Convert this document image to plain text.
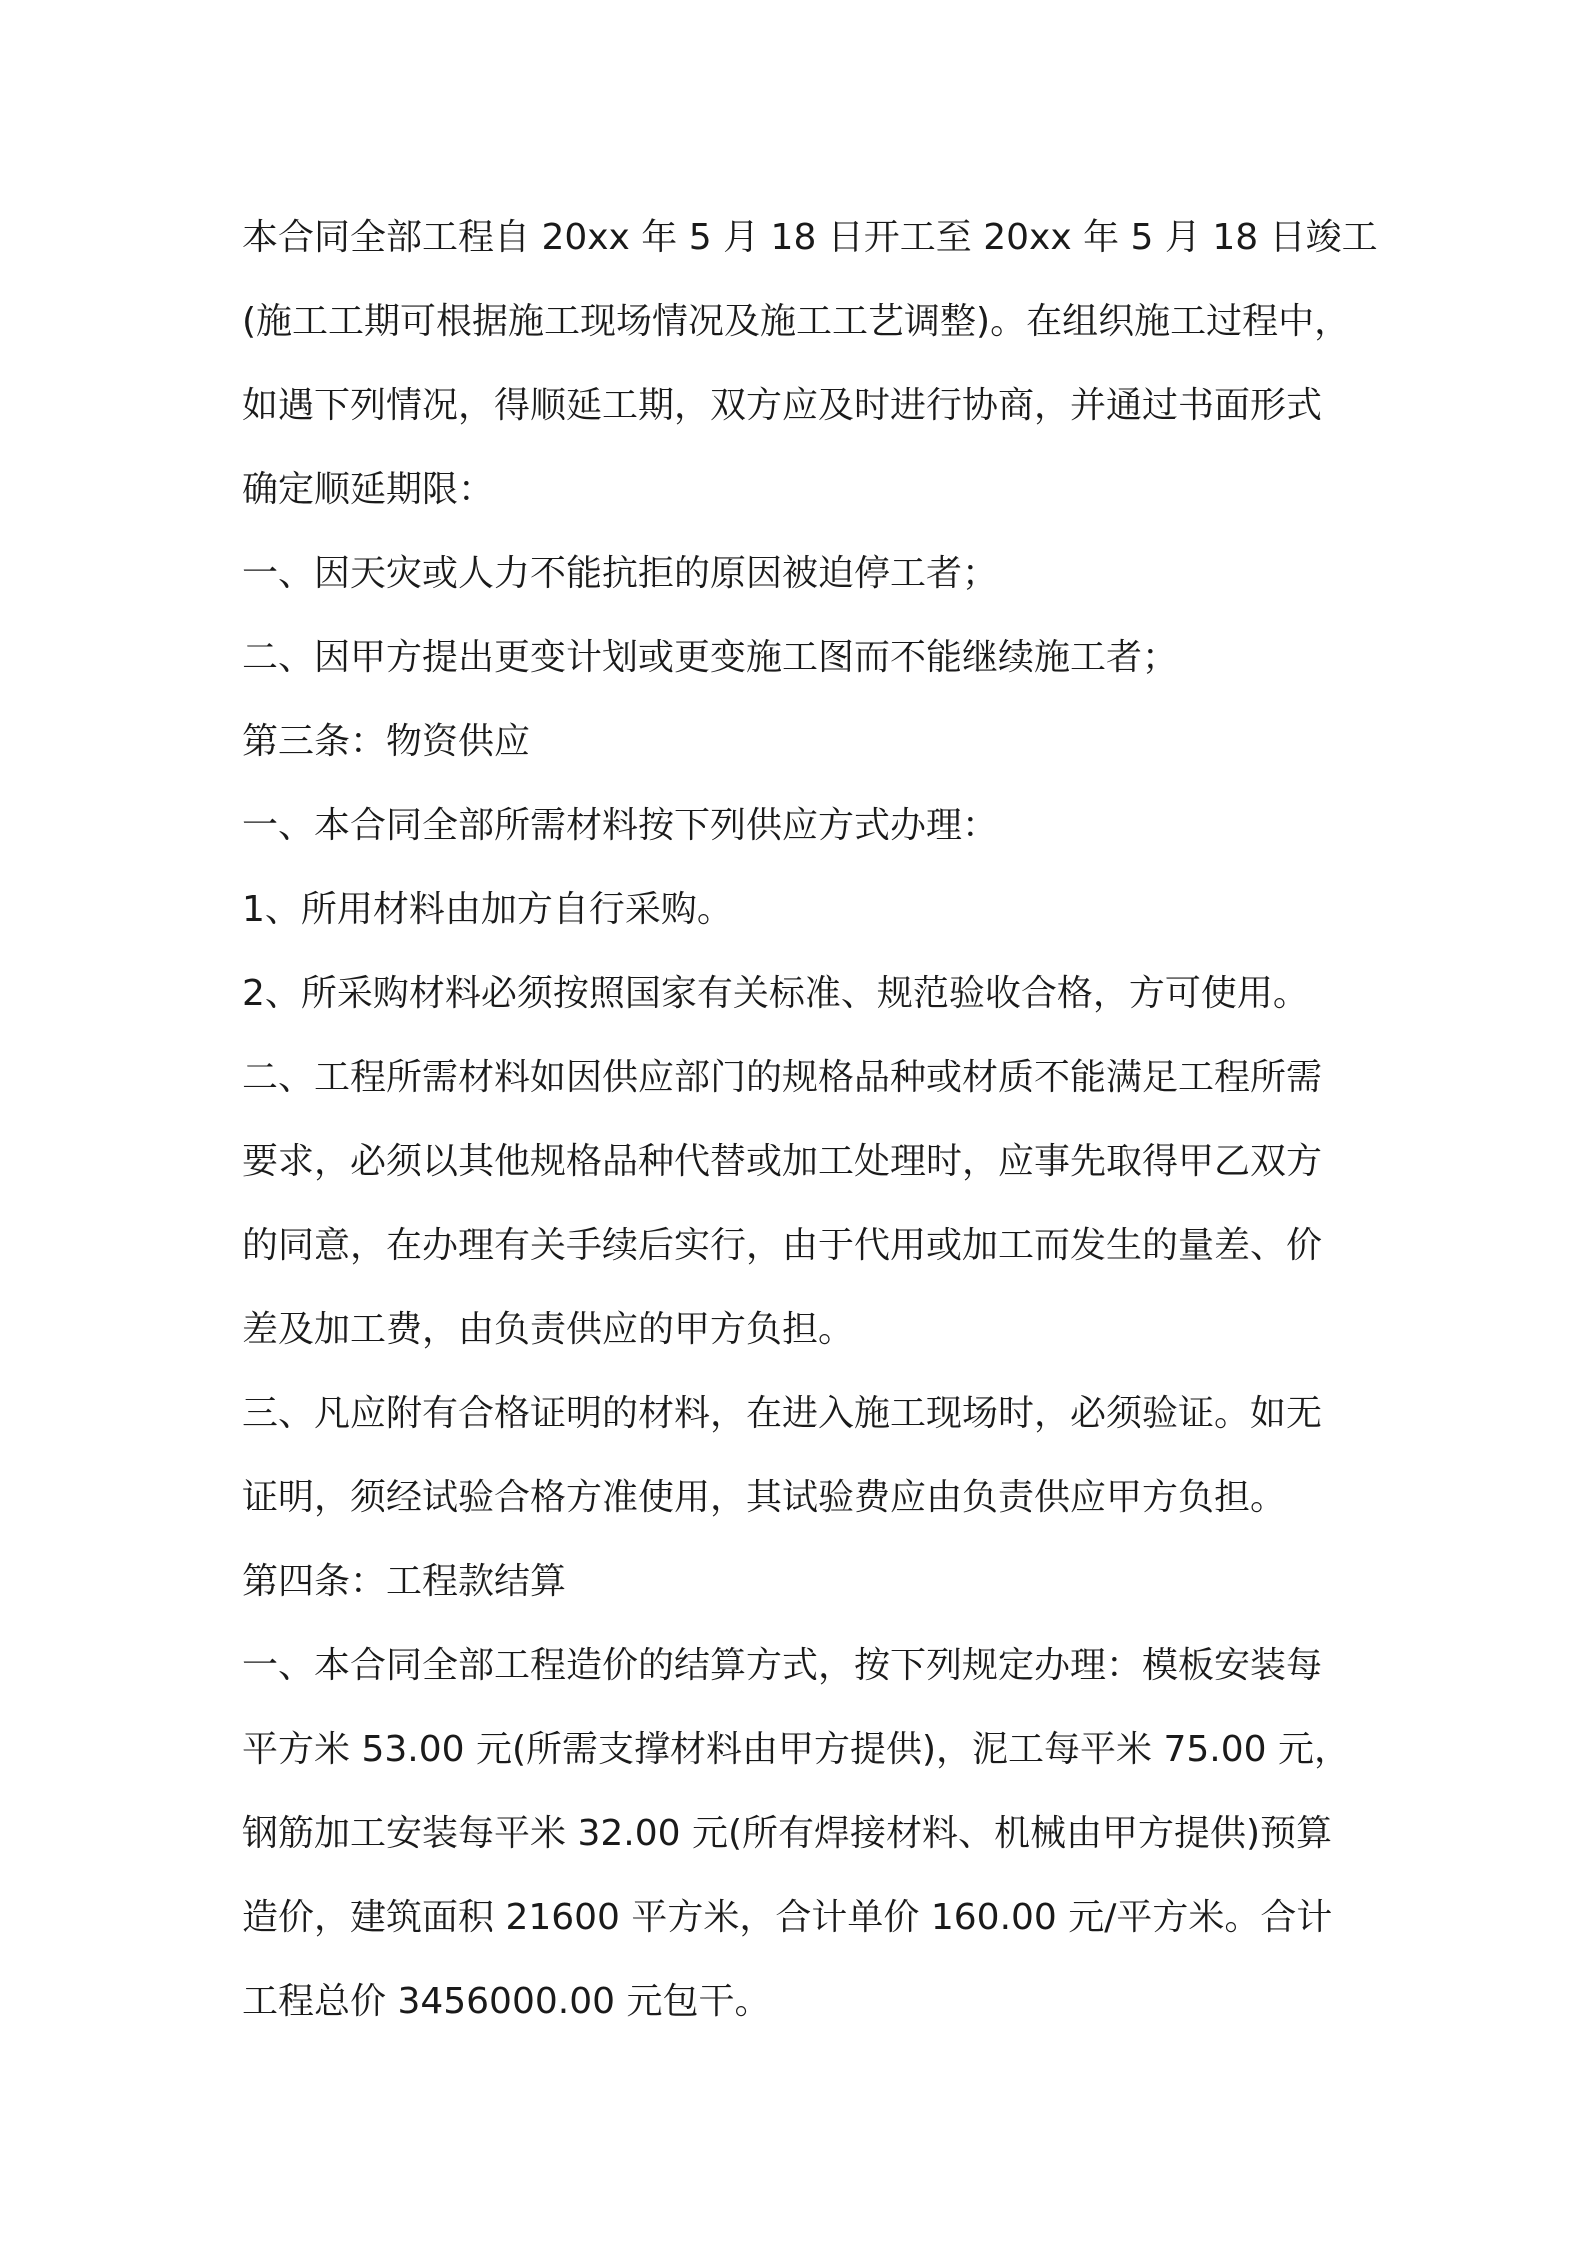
本合同全部工程自 20xx 年 5 月 18 日开工至 20xx 年 5 月 18 日竣工
(施工工期可根据施工现场情况及施工工艺调整)。在组织施工过程中，
如遇下列情况，得顺延工期，双方应及时进行协商，并通过书面形式
确定顺延期限：
一、因天灾或人力不能抗拒的原因被迫停工者；
二、因甲方提出更变计划或更变施工图而不能继续施工者；
第三条：物资供应
一、本合同全部所需材料按下列供应方式办理：
1、所用材料由加方自行采购。
2、所采购材料必须按照国家有关标准、规范验收合格，方可使用。
二、工程所需材料如因供应部门的规格品种或材质不能满足工程所需
要求，必须以其他规格品种代替或加工处理时，应事先取得甲乙双方
的同意，在办理有关手续后实行，由于代用或加工而发生的量差、价
差及加工费，由负责供应的甲方负担。
三、凡应附有合格证明的材料，在进入施工现场时，必须验证。如无
证明，须经试验合格方准使用，其试验费应由负责供应甲方负担。
第四条：工程款结算
一、本合同全部工程造价的结算方式，按下列规定办理：模板安装每
平方米 53.00 元(所需支撑材料由甲方提供)，泥工每平米 75.00 元，
钢筋加工安装每平米 32.00 元(所有焊接材料、机械由甲方提供)预算
造价，建筑面积 21600 平方米，合计单价 160.00 元/平方米。合计
工程总价 3456000.00 元包干。
